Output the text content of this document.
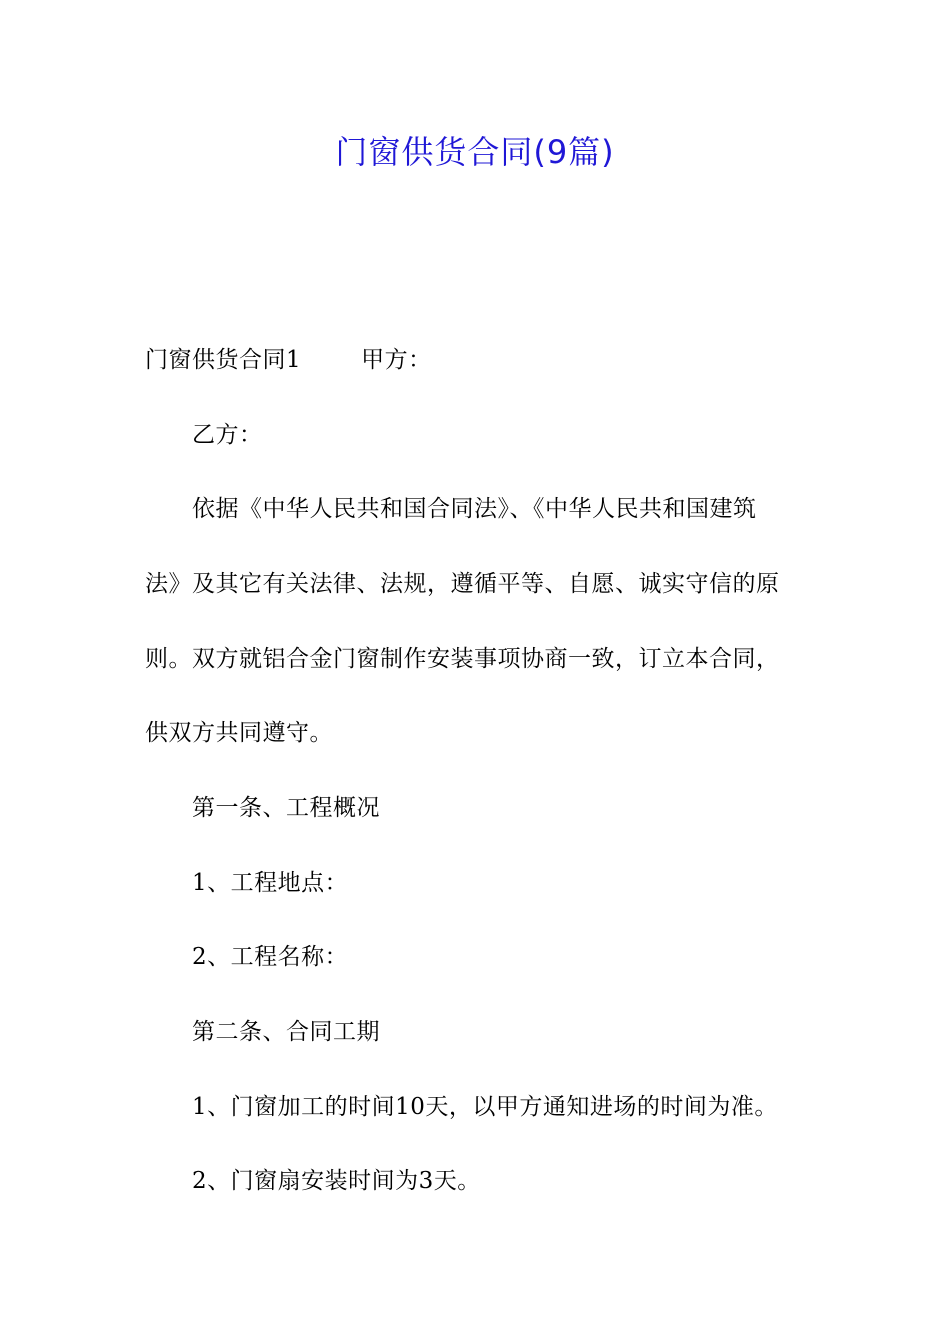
门窗供货合同(9篇)
门窗供货合同1	甲方：
乙方：
依据《中华人民共和国合同法》、《中华人民共和国建筑
法》及其它有关法律、法规，遵循平等、自愿、诚实守信的原
则。双方就铝合金门窗制作安装事项协商一致，订立本合同，
供双方共同遵守。
第一条、工程概况
1、工程地点：
2、工程名称：
第二条、合同工期
1、门窗加工的时间10天，以甲方通知进场的时间为准。
2、门窗扇安装时间为3天。
